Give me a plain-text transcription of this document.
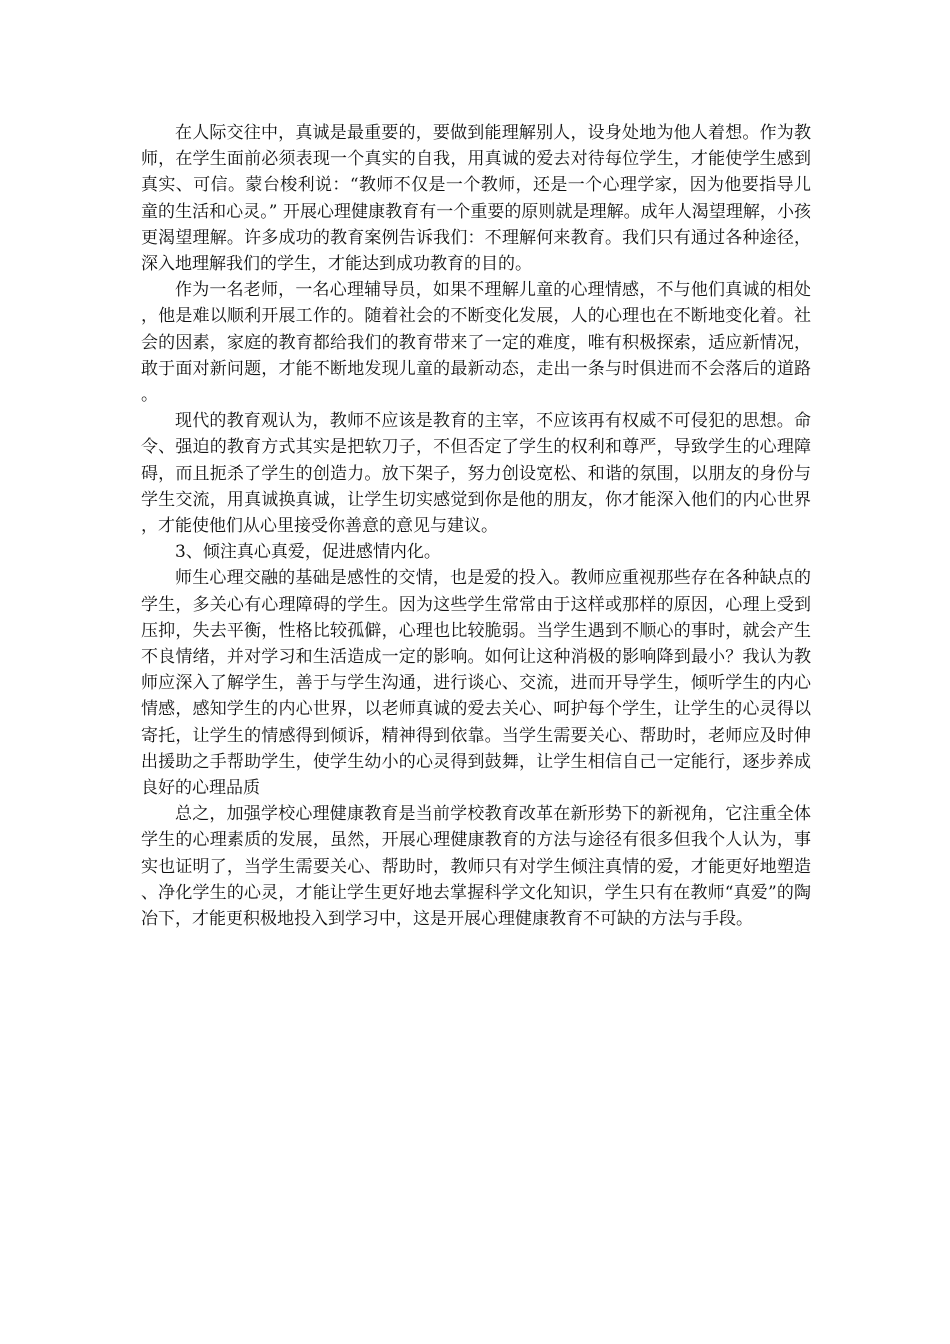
在人际交往中，真诚是最重要的，要做到能理解别人，设身处地为他人着想。作为教师，在学生面前必须表现一个真实的自我，用真诚的爱去对待每位学生，才能使学生感到真实、可信。蒙台梭利说：“教师不仅是一个教师，还是一个心理学家，因为他要指导儿童的生活和心灵。” 开展心理健康教育有一个重要的原则就是理解。成年人渴望理解，小孩更渴望理解。许多成功的教育案例告诉我们：不理解何来教育。我们只有通过各种途径，深入地理解我们的学生，才能达到成功教育的目的。

作为一名老师，一名心理辅导员，如果不理解儿童的心理情感，不与他们真诚的相处，他是难以顺利开展工作的。随着社会的不断变化发展，人的心理也在不断地变化着。社会的因素，家庭的教育都给我们的教育带来了一定的难度，唯有积极探索，适应新情况，敢于面对新问题，才能不断地发现儿童的最新动态，走出一条与时俱进而不会落后的道路。

现代的教育观认为，教师不应该是教育的主宰，不应该再有权威不可侵犯的思想。命令、强迫的教育方式其实是把软刀子，不但否定了学生的权利和尊严，导致学生的心理障碍，而且扼杀了学生的创造力。放下架子，努力创设宽松、和谐的氛围，以朋友的身份与学生交流，用真诚换真诚，让学生切实感觉到你是他的朋友，你才能深入他们的内心世界，才能使他们从心里接受你善意的意见与建议。

3、倾注真心真爱，促进感情内化。

师生心理交融的基础是感性的交情，也是爱的投入。教师应重视那些存在各种缺点的学生，多关心有心理障碍的学生。因为这些学生常常由于这样或那样的原因，心理上受到压抑，失去平衡，性格比较孤僻，心理也比较脆弱。当学生遇到不顺心的事时，就会产生不良情绪，并对学习和生活造成一定的影响。如何让这种消极的影响降到最小？我认为教师应深入了解学生，善于与学生沟通，进行谈心、交流，进而开导学生，倾听学生的内心情感，感知学生的内心世界，以老师真诚的爱去关心、呵护每个学生，让学生的心灵得以寄托，让学生的情感得到倾诉，精神得到依靠。当学生需要关心、帮助时，老师应及时伸出援助之手帮助学生，使学生幼小的心灵得到鼓舞，让学生相信自己一定能行，逐步养成良好的心理品质

总之，加强学校心理健康教育是当前学校教育改革在新形势下的新视角，它注重全体学生的心理素质的发展，虽然，开展心理健康教育的方法与途径有很多但我个人认为，事实也证明了，当学生需要关心、帮助时，教师只有对学生倾注真情的爱，才能更好地塑造、净化学生的心灵，才能让学生更好地去掌握科学文化知识，学生只有在教师“真爱”的陶冶下，才能更积极地投入到学习中，这是开展心理健康教育不可缺的方法与手段。
